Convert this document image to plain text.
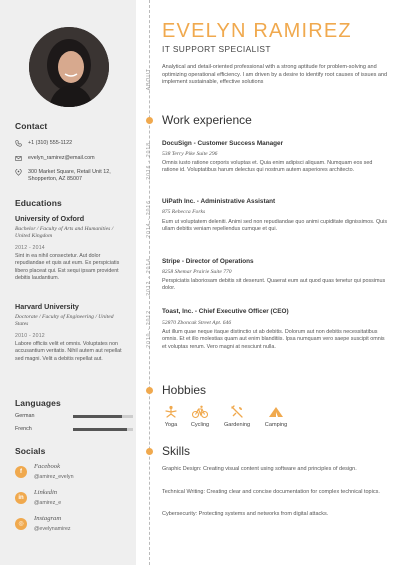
Contact
+1 (310) 555-1122
evelyn_ramirez@email.com
300 Market Square, Retail Unit 12, Shopperton, AZ 85007
Educations
University of Oxford
Bachelor / Faculty of Arts and Humanities / United Kingdom
2012 - 2014
Sint in ea nihil consectetur. Aut dolor repudiandae et quis aut eum. Ex perspiciatis libero placeat qui. Est sequi ipsam provident debitis laudantium.
Harvard University
Doctorate / Faculty of Engineering / United States
2010 - 2012
Labore officiis velit et omnis. Voluptates non accusantium veritatis. Nihil autem aut repellat sed magni. Velit a debitis repellat aut.
Languages
German
French
Socials
f
Facebook
@amirez_evelyn
in
Linkedin
@amirez_e
◎
Instagram
@evelynamirez
ABOUT
2016 - 2018
2014 - 2016
2012 - 2014
2010 - 2012
EVELYN RAMIREZ
IT SUPPORT SPECIALIST
Analytical and detail-oriented professional with a strong aptitude for problem-solving and optimizing operational efficiency. I am driven by a desire to identify root causes of issues and implement sustainable, effective solutions
Work experience
DocuSign - Customer Success Manager
538 Terry Pike Suite 296
Omnis iusto ratione corporis voluptas et. Quia enim adipisci aliquam. Numquam eos sed ratione id. Voluptatibus harum delectus qui nostrum autem asperiores architecto.
UiPath Inc. - Administrative Assistant
875 Rebecca Forks
Eum ut voluptatem deleniti. Animi sed non repudiandae quo animi cupiditate dignissimos. Quis ullam debitis veniam repellendus cumque et qui.
Stripe - Director of Operations
8258 Shemar Prairie Suite 770
Perspiciatis laboriosam debitis sit deserunt. Quaerat eum aut quod quas tenetur qui possimus dolor.
Toast, Inc. - Chief Executive Officer (CEO)
52870 Zboncak Street Apt. 646
Aut illum quae neque itaque distinctio ut ab debitis. Dolorum aut non debitis necessitatibus omnis. Et et illo molestias quam aut enim blanditiis. Ipsa numquam vero saepe suscipit omnis et voluptas rerum. Vero magni at nesciunt nulla.
Hobbies
Yoga	Cycling	Gardening	Camping
Skills
Graphic Design: Creating visual content using software and principles of design.
Technical Writing: Creating clear and concise documentation for complex technical topics.
Cybersecurity: Protecting systems and networks from digital attacks.
